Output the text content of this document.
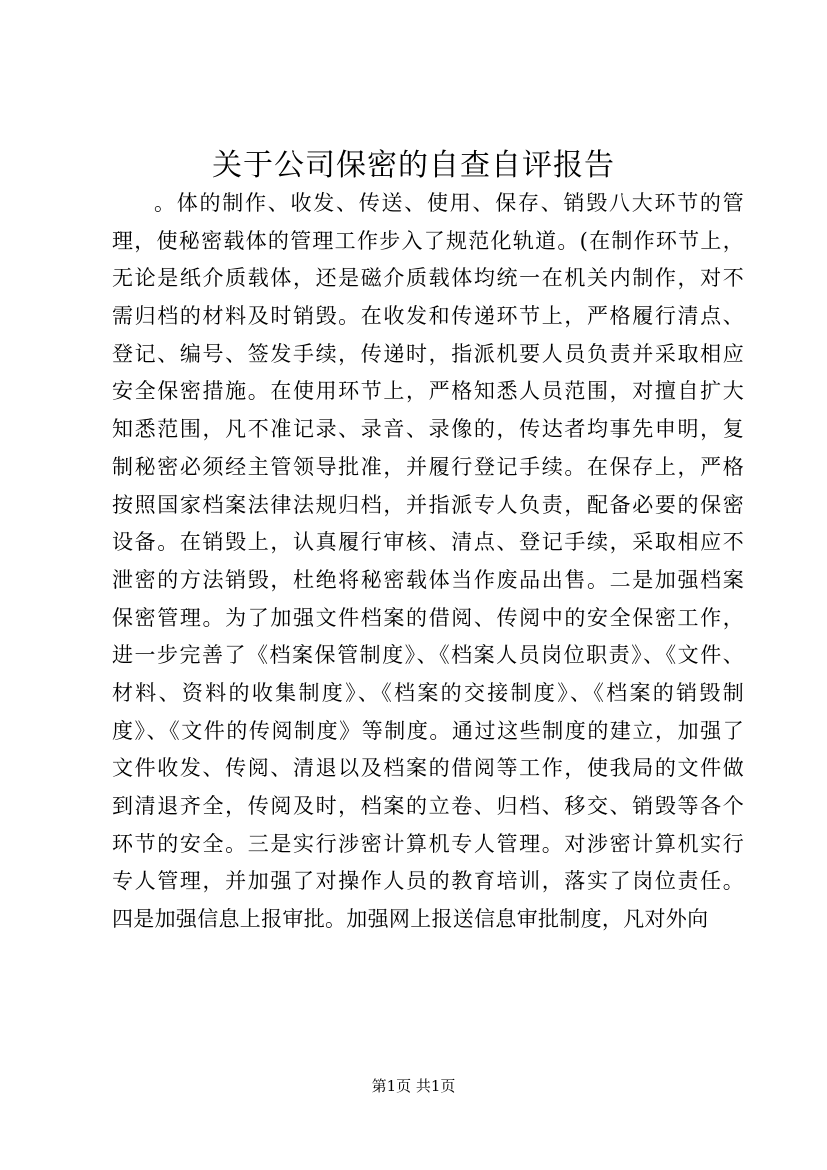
关于公司保密的自查自评报告
。体的制作、收发、传送、使用、保存、销毁八大环节的管
理，使秘密载体的管理工作步入了规范化轨道。(在制作环节上，
无论是纸介质载体，还是磁介质载体均统一在机关内制作，对不
需归档的材料及时销毁。在收发和传递环节上，严格履行清点、
登记、编号、签发手续，传递时，指派机要人员负责并采取相应
安全保密措施。在使用环节上，严格知悉人员范围，对擅自扩大
知悉范围，凡不准记录、录音、录像的，传达者均事先申明，复
制秘密必须经主管领导批准，并履行登记手续。在保存上，严格
按照国家档案法律法规归档，并指派专人负责，配备必要的保密
设备。在销毁上，认真履行审核、清点、登记手续，采取相应不
泄密的方法销毁，杜绝将秘密载体当作废品出售。二是加强档案
保密管理。为了加强文件档案的借阅、传阅中的安全保密工作，
进一步完善了《档案保管制度》、《档案人员岗位职责》、《文件、
材料、资料的收集制度》、《档案的交接制度》、《档案的销毁制
度》、《文件的传阅制度》等制度。通过这些制度的建立，加强了
文件收发、传阅、清退以及档案的借阅等工作，使我局的文件做
到清退齐全，传阅及时，档案的立卷、归档、移交、销毁等各个
环节的安全。三是实行涉密计算机专人管理。对涉密计算机实行
专人管理，并加强了对操作人员的教育培训，落实了岗位责任。
四是加强信息上报审批。加强网上报送信息审批制度，凡对外向
第1页 共1页
